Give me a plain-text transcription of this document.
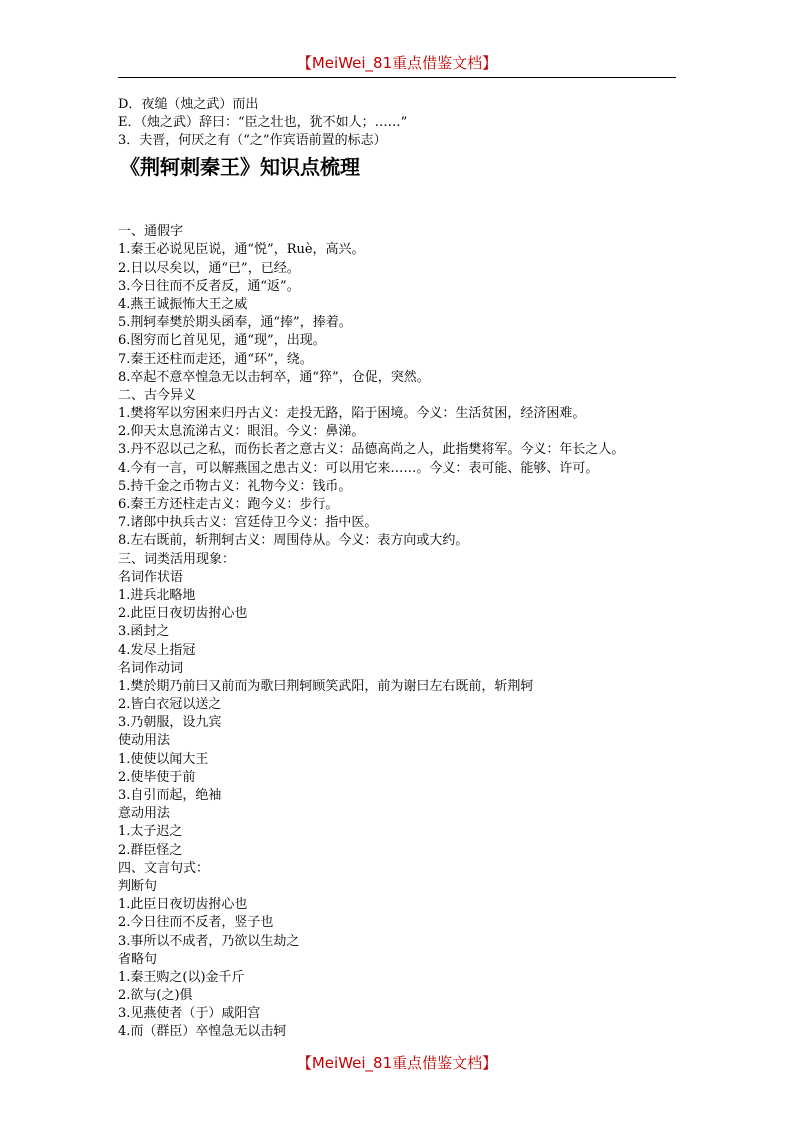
【MeiWei_81重点借鉴文档】
D．夜缒（烛之武）而出
E．（烛之武）辞曰：“臣之壮也，犹不如人；……”
3．夫晋，何厌之有（“之”作宾语前置的标志）
《荆轲刺秦王》知识点梳理
一、通假字
1.秦王必说见臣说，通“悦”，Ruè，高兴。
2.日以尽矣以，通“已”，已经。
3.今日往而不反者反，通“返”。
4.燕王诚振怖大王之威
5.荆轲奉樊於期头函奉，通“捧”，捧着。
6.图穷而匕首见见，通“现”，出现。
7.秦王还柱而走还，通“环”，绕。
8.卒起不意卒惶急无以击轲卒，通“猝”，仓促，突然。
二、古今异义
1.樊将军以穷困来归丹古义：走投无路，陷于困境。今义：生活贫困，经济困难。
2.仰天太息流涕古义：眼泪。今义：鼻涕。
3.丹不忍以己之私，而伤长者之意古义：品德高尚之人，此指樊将军。今义：年长之人。
4.今有一言，可以解燕国之患古义：可以用它来……。今义：表可能、能够、许可。
5.持千金之币物古义：礼物今义：钱币。
6.秦王方还柱走古义：跑今义：步行。
7.诸郎中执兵古义：宫廷侍卫今义：指中医。
8.左右既前，斩荆轲古义：周围侍从。今义：表方向或大约。
三、词类活用现象：
名词作状语
1.进兵北略地
2.此臣日夜切齿拊心也
3.函封之
4.发尽上指冠
名词作动词
1.樊於期乃前曰又前而为歌曰荆轲顾笑武阳，前为谢曰左右既前，斩荆轲
2.皆白衣冠以送之
3.乃朝服，设九宾
使动用法
1.使使以闻大王
2.使毕使于前
3.自引而起，绝袖
意动用法
1.太子迟之
2.群臣怪之
四、文言句式：
判断句
1.此臣日夜切齿拊心也
2.今日往而不反者，竖子也
3.事所以不成者，乃欲以生劫之
省略句
1.秦王购之(以)金千斤
2.欲与(之)俱
3.见燕使者（于）咸阳宫
4.而（群臣）卒惶急无以击轲
【MeiWei_81重点借鉴文档】
